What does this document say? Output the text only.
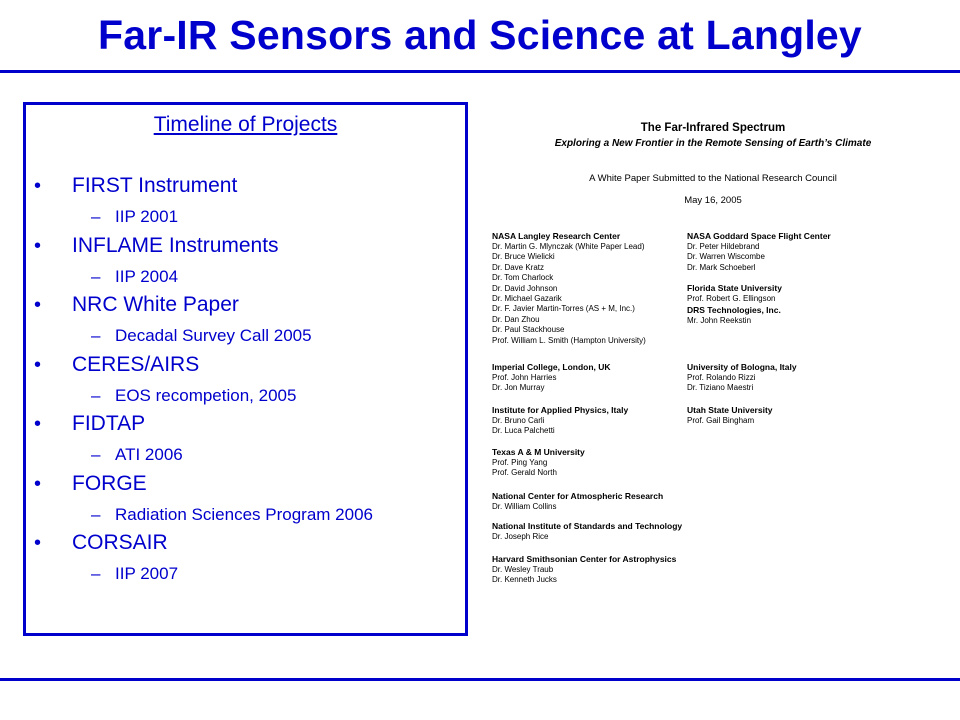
Far-IR Sensors and Science at Langley
Timeline of Projects
• FIRST Instrument
– IIP 2001
• INFLAME Instruments
– IIP 2004
• NRC White Paper
– Decadal Survey Call 2005
• CERES/AIRS
– EOS recompetion, 2005
• FIDTAP
– ATI 2006
• FORGE
– Radiation Sciences Program 2006
• CORSAIR
– IIP 2007
The Far-Infrared Spectrum
Exploring a New Frontier in the Remote Sensing of Earth’s Climate
A White Paper Submitted to the National Research Council
May 16, 2005
NASA Langley Research Center
Dr. Martin G. Mlynczak (White Paper Lead)
Dr. Bruce Wielicki
Dr. Dave Kratz
Dr. Tom Charlock
Dr. David Johnson
Dr. Michael Gazarik
Dr. F. Javier Martin-Torres (AS + M, Inc.)
Dr. Dan Zhou
Dr. Paul Stackhouse
Prof. William L. Smith (Hampton University)
Imperial College, London, UK
Prof. John Harries
Dr. Jon Murray
Institute for Applied Physics, Italy
Dr. Bruno Carli
Dr. Luca Palchetti
Texas A & M University
Prof. Ping Yang
Prof. Gerald North
National Center for Atmospheric Research
Dr. William Collins
National Institute of Standards and Technology
Dr. Joseph Rice
Harvard Smithsonian Center for Astrophysics
Dr. Wesley Traub
Dr. Kenneth Jucks
NASA Goddard Space Flight Center
Dr. Peter Hildebrand
Dr. Warren Wiscombe
Dr. Mark Schoeberl
Florida State University
Prof. Robert G. Ellingson
DRS Technologies, Inc.
Mr. John Reekstin
University of Bologna, Italy
Prof. Rolando Rizzi
Dr. Tiziano Maestri
Utah State University
Prof. Gail Bingham
